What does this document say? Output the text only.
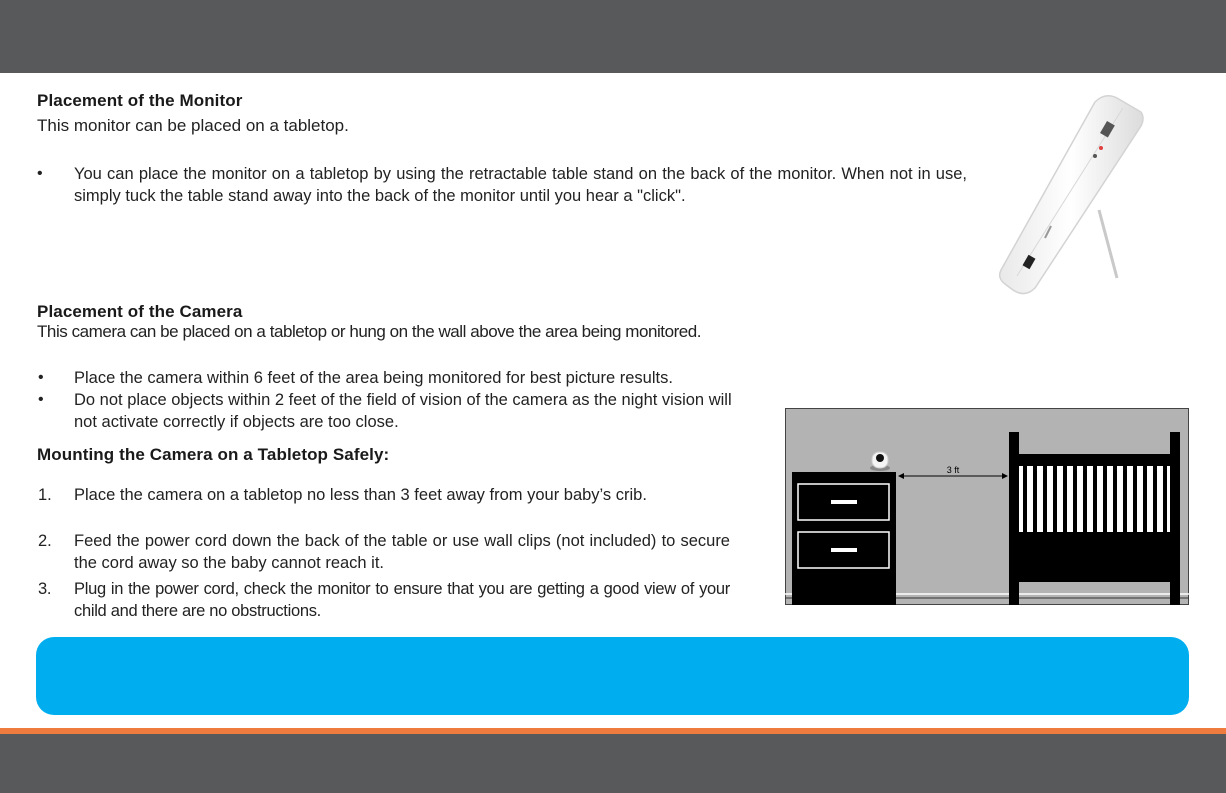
Placement of the Monitor

This monitor can be placed on a tabletop.

•	You can place the monitor on a tabletop by using the retractable table stand on the back of the monitor. When not in use, simply tuck the table stand away into the back of the monitor until you hear a "click".
Placement of the Camera

This camera can be placed on a tabletop or hung on the wall above the area being monitored.

•	Place the camera within 6 feet of the area being monitored for best picture results.
•	Do not place objects within 2 feet of the field of vision of the camera as the night vision will not activate correctly if objects are too close.
Mounting the Camera on a Tabletop Safely:
1.	Place the camera on a tabletop no less than 3 feet away from your baby’s crib.
2.	Feed the power cord down the back of the table or use wall clips (not included) to secure the cord away so the baby cannot reach it.
3.	Plug in the power cord, check the monitor to ensure that you are getting a good view of your child and there are no obstructions.
3 ft
